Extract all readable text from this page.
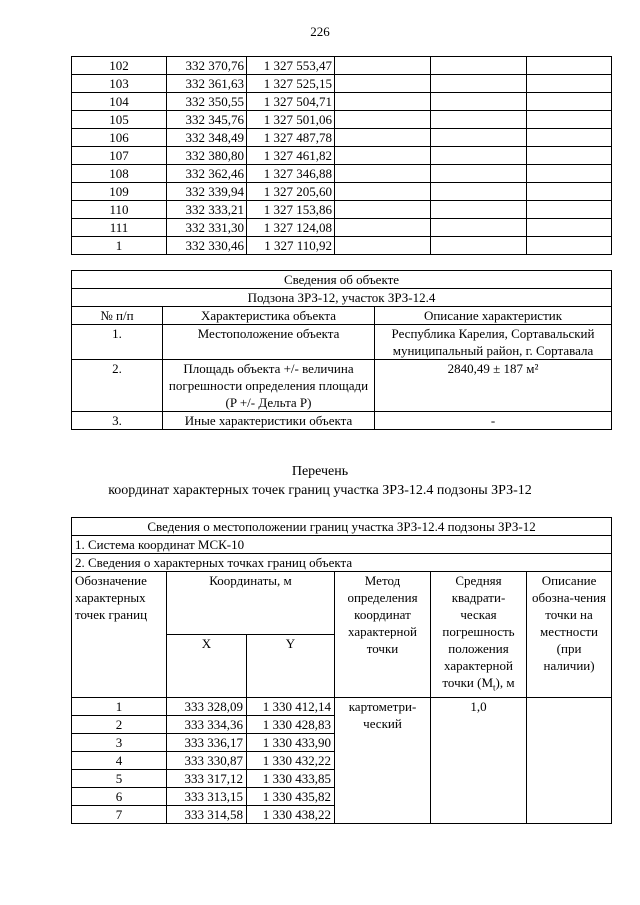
226
102	332 370,76	1 327 553,47			
103	332 361,63	1 327 525,15			
104	332 350,55	1 327 504,71			
105	332 345,76	1 327 501,06			
106	332 348,49	1 327 487,78			
107	332 380,80	1 327 461,82			
108	332 362,46	1 327 346,88			
109	332 339,94	1 327 205,60			
110	332 333,21	1 327 153,86			
111	332 331,30	1 327 124,08			
1	332 330,46	1 327 110,92			
Сведения об объекте		
Подзона ЗРЗ-12, участок ЗРЗ-12.4		
№ п/п	Характеристика объекта	Описание характеристик
1.	Местоположение объекта	Республика Карелия, Сортавальский муниципальный район, г. Сортавала
2.	Площадь объекта +/- величина погрешности определения площади (P +/- Дельта P)	2840,49 ± 187 м²
3.	Иные характеристики объекта	-
Перечень
координат характерных точек границ участка ЗРЗ-12.4 подзоны ЗРЗ-12
Сведения о местоположении границ участка ЗРЗ-12.4 подзоны ЗРЗ-12					
1. Система координат МСК-10					
2. Сведения о характерных точках границ объекта					
Обозначение характерных точек границ	Координаты, м		Метод определения координат характерной точки	Средняя квадрати-ческая погрешность положения характерной точки $(M_t)$, м	Описание обозна-чения точки на местности (при наличии)
	X	Y			
1	333 328,09	1 330 412,14	картометри-ческий	1,0	
2	333 334,36	1 330 428,83			
3	333 336,17	1 330 433,90			
4	333 330,87	1 330 432,22			
5	333 317,12	1 330 433,85			
6	333 313,15	1 330 435,82			
7	333 314,58	1 330 438,22			
